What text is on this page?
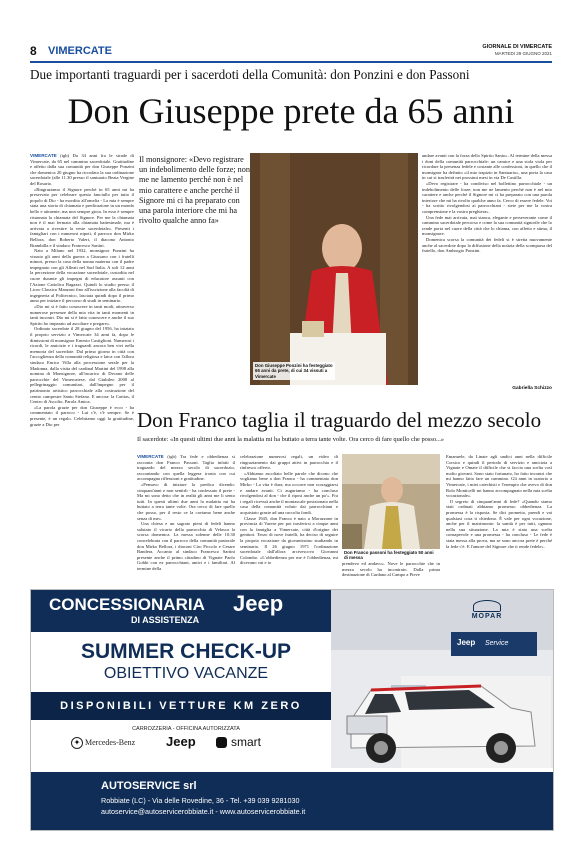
8 VIMERCATE	GIORNALE DI VIMERCATE
MARTEDI 29 GIUGNO 2021
Due importanti traguardi per i sacerdoti della Comunità: don Ponzini e don Passoni
Don Giuseppe prete da 65 anni

VIMERCATE (tgb) Da 34 anni fra le strade di Vimercate, da 65 nel cammino sacerdotale. Gratitudine e affetto dalla sua comunità per don Giuseppe Ponzini che domenica 20 giugno ha ricordato la sua ordinazione sacerdotale (alle 11.30 presso il santuario Beata Vergine del Rosario.

«Ringraziamo il Signore perché in 65 anni mi ha preservato per celebrare questo fanciullo per tutto il popolo di Dio - ha esordito all'omelia - La mia è sempre stata una storia di chiamata e predicazione in un mondo bello e attraente, ma non sempre gioia. In esso è sempre risuonata la chiamata del Signore. Per me la chiamata non è il mai fermata alla chiamata battesimale, ma è arrivata a rivestire la veste sacerdotale». Presenti i famigliari con i numerosi nipoti, il parroco don Mirko Bellora, don Roberto Valeri, il diacono Antonio Brambilla e il sindaco Francesco Sartini.

Nato a Milano nel 1932, monsignor Ponzini ha vissuto gli anni della guerra a Giussano con i fratelli minori, presso la casa della nonna materna con il padre impegnato con gli Alleati nel Sud Italia. A soli 12 anni la percezione della vocazione sacerdotale, custodita nel cuore durante gli impegni di educatore assunti con l'Azione Cattolica Ragazzi. Quindi lo studio presso il Liceo Classico Manzoni fino all'iscrizione alla facoltà di ingegneria al Politecnico, lasciata quindi dopo il primo anno per iniziare il percorso di studi in seminario.

«Dio mi si è fatto conoscere in tanti modi, attraverso numerose presenze della mia vita in tanti momenti in tanti incontri. Dio mi si è fatto conoscere e anche il suo Spirito ho imparato ad ascoltare e pregare».

Ordinato sacerdote il 28 giugno del 1956, ha iniziato il proprio servizio a Vimercate 34 anni fa, dopo le dimissioni di monsignor Ernesto Castiglioni. Numerosi i ricordi, le amicizie e i traguardi ancora ben vivi nella memoria del sacerdote. Dal primo giorno in città con l'accoglienza della comunità religiosa e laica con l'allora sindaco Enrico Villa alla processione serale per la Madonna, dalla visita del cardinal Martini del 1998 alla nomina di Monsignore, all'incarico di Decano delle parrocchie del Vimercatese, dal Giubileo 2000 al pellegrinaggio comunitari, dall'impegno per il patrimonio artistico parrocchiale alla costruzione del centro campestre Santo Stefano. E ancora: la Caritas, il Centro di Ascolto, Parola Amica.

«La parola grazie per don Giuseppe è ecco - ha commentato il parroco - Lui c'è, c'è sempre. Se è presente, è un regalo. Celebriamo oggi la gratitudine, grazie a Dio per

Il monsignore: «Devo registrare un indebolimento delle forze; non me ne lamento perché non è nel mio carattere e anche perché il Signore mi ci ha preparato con una parola interiore che mi ha rivolto qualche anno fa»
Don Giuseppe Ponzini ha festeggiato 65 anni da prete, di cui 34 vissuti a Vimercate

andare avanti con la forza dello Spirito Santo». Al termine della messa i doni della comunità parrocchiale: un camice e una stola viola per ricordare la presenza fedele e costante alle confessioni, in quello che il monsignor ha definito «il mio trapizio in Santuario», una porta la casa in cui si trasferirà nei prossimi mesi in via De Castilla.

«Devo registrare - ha condiviso nel bollettino parrocchiale - un indebolimento delle forze; non me ne lamento perché non è nel mio carattere e anche perché il Signore mi ci ha preparato con una parola interiore che mi ha rivolto qualche anno fa. Cerco di essere fedele. Voi - ha scritto rivolgendosi ai parrocchiani - siete per me la vostra comprensione e la vostra preghiera».

Una fede mai arrivata, mai stanca, elegante e perseverante come il cammino sacerdotale percorso e come la sua comunità signorile che lo rende porta nel cuore della città che lo chiama, con affetto e stima, il monsignore.

Domenica scorsa la comunità dei fedeli si è stretta nuovamente anche al sacerdote dopo la diffusione della notizia della scomparsa del fratello, don Ambrogio Ponzini.

Gabriella Schizzo
Don Franco taglia il traguardo del mezzo secolo
Il sacerdote: «In questi ultimi due anni la malattia mi ha buttato a terra tante volte. Ora cerco di fare quello che posso...»

VIMERCATE (tgb) Tra fede e obbedienza si racconta don Franco Passoni. Taglia infatti il traguardo del mezzo secolo di sacerdozio, raccontando con quella leggera ironia con cui accompagna riflessioni e gratitudine.

«Pensavo di iniziare la predica dicendo: cinquant'anni e non sentirli - ha confessato il prete - Ma mi sono detto che in realtà gli anni me li sento tutti. In questi ultimi due anni la malattia mi ha buttato a terra tante volte. Ora cerco di fare quello che posso, per il resto ce la caviamo bene anche senza di me».

Una chiesa e un sagrato pieni di fedeli hanno salutato il vicario della parrocchia di Velasca la scorsa domenica. La messa solenne delle 10.30 concelebrata con il parroco della comunità pastorale don Mirko Bellora, i diaconi Ciro Piccolo e Cesare Bandera. Accanto al sindaco Francesco Sartini presente anche il primo cittadino di Vignate Paolo Gobbi con ex parrocchiani, amici e i familiari. Al termine della

celebrazione numerosi regali, un video di ringraziamento dai gruppi attivi in parrocchia e il rinfresco offerto.

«Abbiamo ascoltato belle parole che dicono che vogliamo bene a don Franco - ha commentato don Mirko - La vita è dura, ma occorre non scoraggiarsi e andare avanti. Ci auguriamo - ha concluso rivolgendosi al don - che il riposi anche un po'». Fra i regali ricevuti anche il montascale posizionato nella casa della comunità voluto dai parrocchiani e acquistato grazie ad una raccolta fondi.

Classe 1945, don Franco è nato a Morazzone in provincia di Varese per poi trasferirsi a cinque anni con la famiglia a Vimercate, città d'origine dei genitori. Terzo di nove fratelli, ha deciso di seguire la propria vocazione da giovanissimo studiando in seminario. Il 26 giugno 1971 l'ordinazione sacerdotale dall'allora arcivescovo Giovanni Colombo. «L'obbedienza per me è l'obbedienza, mi dicevano vai e io

Don Franco passoni ha festeggiato 50 anni di messa

prendevo ed andavo». Nove le parrocchie che in mezzo secolo ha incontrato. Dalla prima destinazione di Cardano al Campo a Pieve

Emanuele, da Linate agli undici anni nella difficile Corsico e quindi il periodo di servizio e amicizia a Vignate e Omate il difficile che si faccia una scelta così molto giovani. Sono stato fortunato, ho fatto incontri che mi hanno fatto fare un cammino. Gli anni in oratorio a Vimercate, i miei catechisti e l'esempio che avevo di don Rolo Monticelli mi hanno accompagnato nella mia scelta vocazionale».

Il segreto di cinquant'anni di fede? «Quando siamo stati ordinati abbiamo promesso obbedienza. La promessa è la risposta. Se dici prometto, prendi e vai qualsiasi cosa ti chiedono. È vale per ogni vocazione, anche per il matrimonio: la sanità è per tutti, ognuno nella sua situazione. La mia è stata una scelta consapevole e una promessa - ha concluso - Le fede è stata messa alla prova, ma se sono ancora prete è perché la fede c'è. E l'amore del Signore che ti rende fedele».

CONCESSIONARIA Jeep
DI ASSISTENZA
SUMMER CHECK-UP
OBIETTIVO VACANZE
DISPONIBILI VETTURE KM ZERO
CARROZZERIA - OFFICINA AUTORIZZATA
✦ Mercedes-Benz Jeep	smart
MOPAR
Jeep Service
AUTOSERVICE srl
Robbiate (LC) - Via delle Rovedine, 36 - Tel. +39 039 9281030
autoservice@autoservicerobbiate.it - www.autoservicerobbiate.it
